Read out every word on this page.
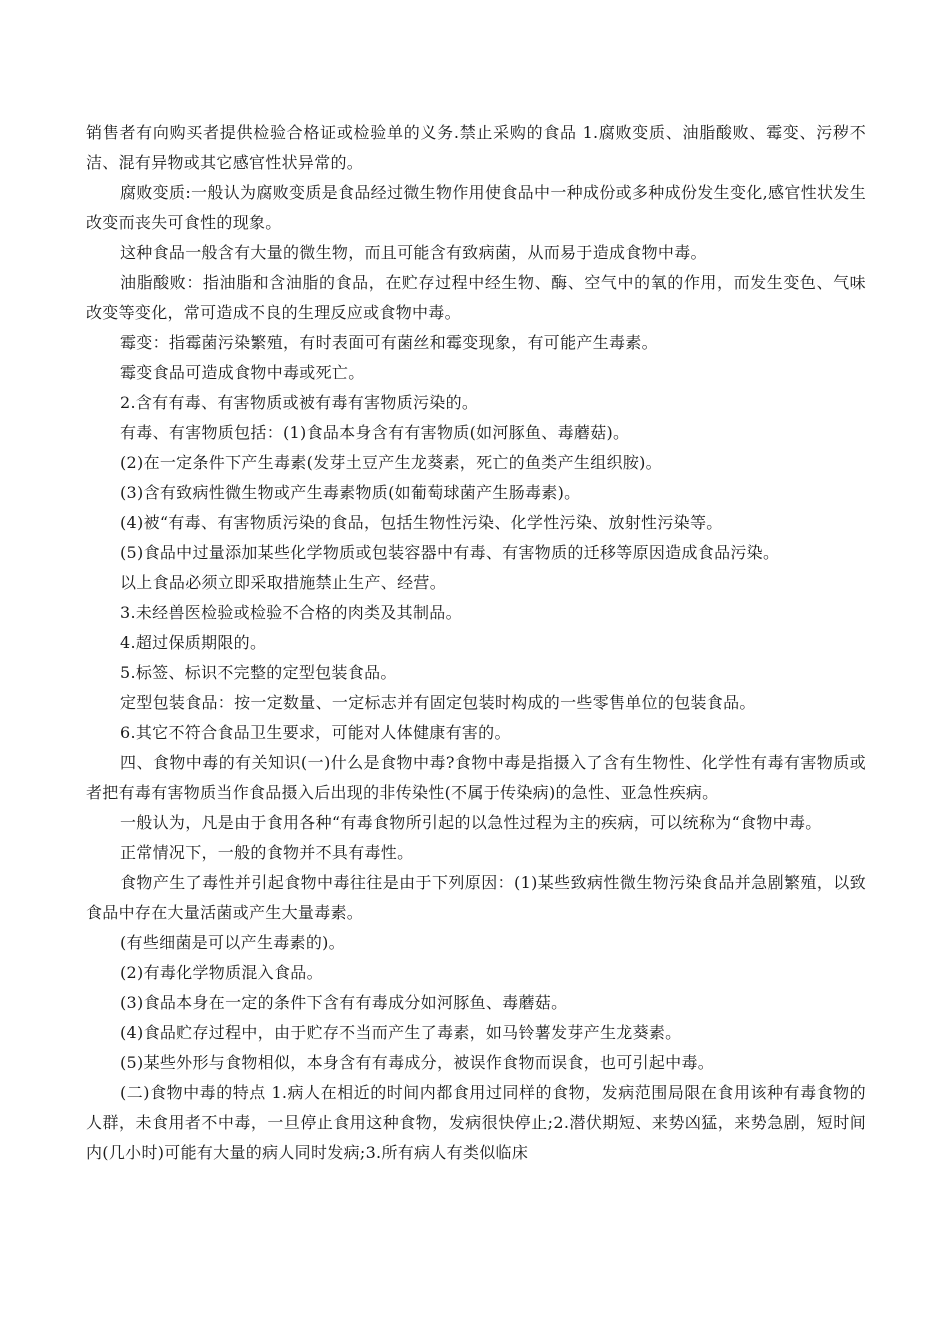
销售者有向购买者提供检验合格证或检验单的义务.禁止采购的食品 1.腐败变质、油脂酸败、霉变、污秽不洁、混有异物或其它感官性状异常的。

腐败变质:一般认为腐败变质是食品经过微生物作用使食品中一种成份或多种成份发生变化,感官性状发生改变而丧失可食性的现象。

这种食品一般含有大量的微生物，而且可能含有致病菌，从而易于造成食物中毒。

油脂酸败：指油脂和含油脂的食品，在贮存过程中经生物、酶、空气中的氧的作用，而发生变色、气味改变等变化，常可造成不良的生理反应或食物中毒。

霉变：指霉菌污染繁殖，有时表面可有菌丝和霉变现象，有可能产生毒素。

霉变食品可造成食物中毒或死亡。

2.含有有毒、有害物质或被有毒有害物质污染的。

有毒、有害物质包括：(1)食品本身含有有害物质(如河豚鱼、毒蘑菇)。

(2)在一定条件下产生毒素(发芽土豆产生龙葵素，死亡的鱼类产生组织胺)。

(3)含有致病性微生物或产生毒素物质(如葡萄球菌产生肠毒素)。

(4)被“有毒、有害物质污染的食品，包括生物性污染、化学性污染、放射性污染等。

(5)食品中过量添加某些化学物质或包装容器中有毒、有害物质的迁移等原因造成食品污染。

以上食品必须立即采取措施禁止生产、经营。

3.未经兽医检验或检验不合格的肉类及其制品。

4.超过保质期限的。

5.标签、标识不完整的定型包装食品。

定型包装食品：按一定数量、一定标志并有固定包装时构成的一些零售单位的包装食品。

6.其它不符合食品卫生要求，可能对人体健康有害的。

四、食物中毒的有关知识(一)什么是食物中毒?食物中毒是指摄入了含有生物性、化学性有毒有害物质或者把有毒有害物质当作食品摄入后出现的非传染性(不属于传染病)的急性、亚急性疾病。

一般认为，凡是由于食用各种“有毒食物所引起的以急性过程为主的疾病，可以统称为“食物中毒。

正常情况下，一般的食物并不具有毒性。

食物产生了毒性并引起食物中毒往往是由于下列原因：(1)某些致病性微生物污染食品并急剧繁殖，以致食品中存在大量活菌或产生大量毒素。

(有些细菌是可以产生毒素的)。

(2)有毒化学物质混入食品。

(3)食品本身在一定的条件下含有有毒成分如河豚鱼、毒蘑菇。

(4)食品贮存过程中，由于贮存不当而产生了毒素，如马铃薯发芽产生龙葵素。

(5)某些外形与食物相似，本身含有有毒成分，被误作食物而误食，也可引起中毒。

(二)食物中毒的特点 1.病人在相近的时间内都食用过同样的食物，发病范围局限在食用该种有毒食物的人群，未食用者不中毒，一旦停止食用这种食物，发病很快停止;2.潜伏期短、来势凶猛，来势急剧，短时间内(几小时)可能有大量的病人同时发病;3.所有病人有类似临床
